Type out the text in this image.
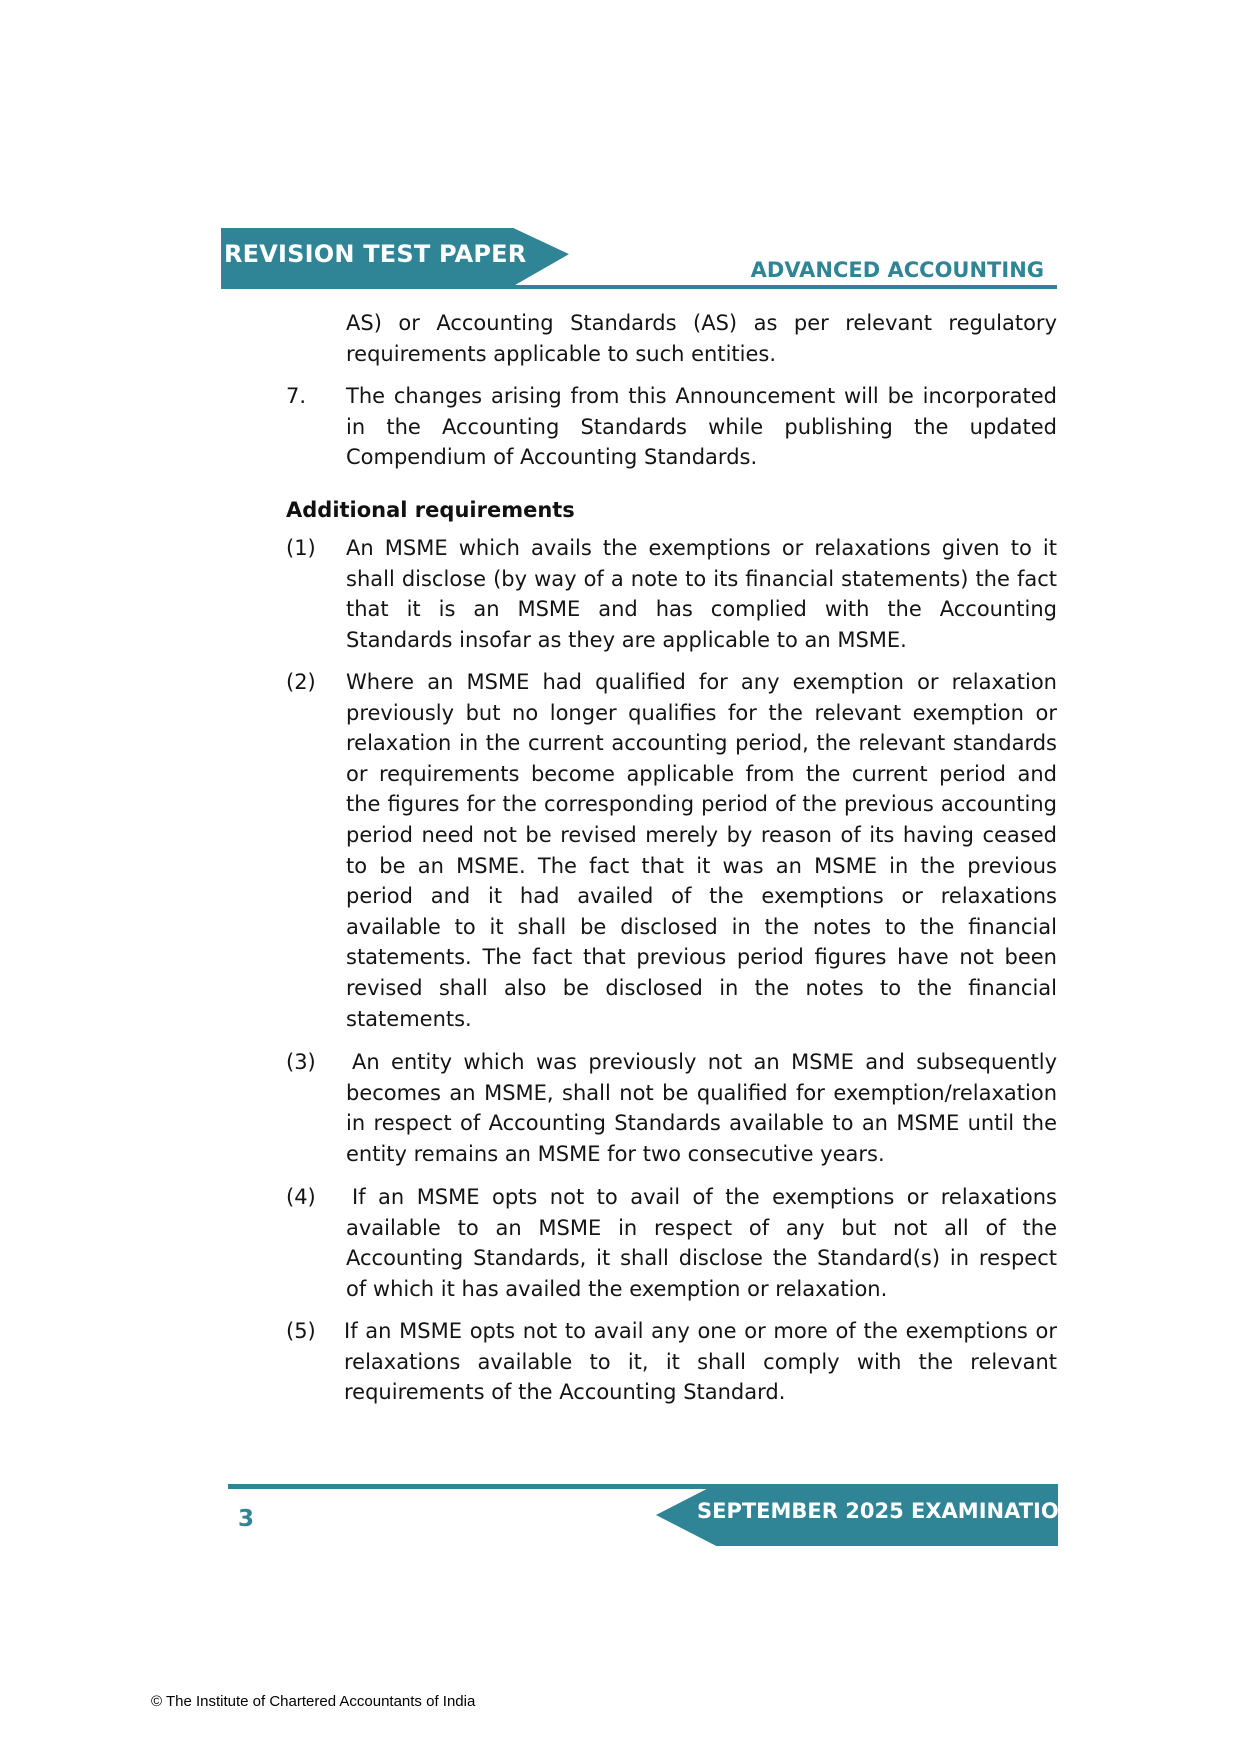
REVISION TEST PAPER
ADVANCED ACCOUNTING
AS) or Accounting Standards (AS) as per relevant regulatory requirements applicable to such entities.
7. The changes arising from this Announcement will be incorporated in the Accounting Standards while publishing the updated Compendium of Accounting Standards.
Additional requirements
(1) An MSME which avails the exemptions or relaxations given to it shall disclose (by way of a note to its financial statements) the fact that it is an MSME and has complied with the Accounting Standards insofar as they are applicable to an MSME.
(2) Where an MSME had qualified for any exemption or relaxation previously but no longer qualifies for the relevant exemption or relaxation in the current accounting period, the relevant standards or requirements become applicable from the current period and the figures for the corresponding period of the previous accounting period need not be revised merely by reason of its having ceased to be an MSME. The fact that it was an MSME in the previous period and it had availed of the exemptions or relaxations available to it shall be disclosed in the notes to the financial statements. The fact that previous period figures have not been revised shall also be disclosed in the notes to the financial statements.
(3) An entity which was previously not an MSME and subsequently becomes an MSME, shall not be qualified for exemption/relaxation in respect of Accounting Standards available to an MSME until the entity remains an MSME for two consecutive years.
(4) If an MSME opts not to avail of the exemptions or relaxations available to an MSME in respect of any but not all of the Accounting Standards, it shall disclose the Standard(s) in respect of which it has availed the exemption or relaxation.
(5) If an MSME opts not to avail any one or more of the exemptions or relaxations available to it, it shall comply with the relevant requirements of the Accounting Standard.
3	SEPTEMBER 2025 EXAMINATION
© The Institute of Chartered Accountants of India
